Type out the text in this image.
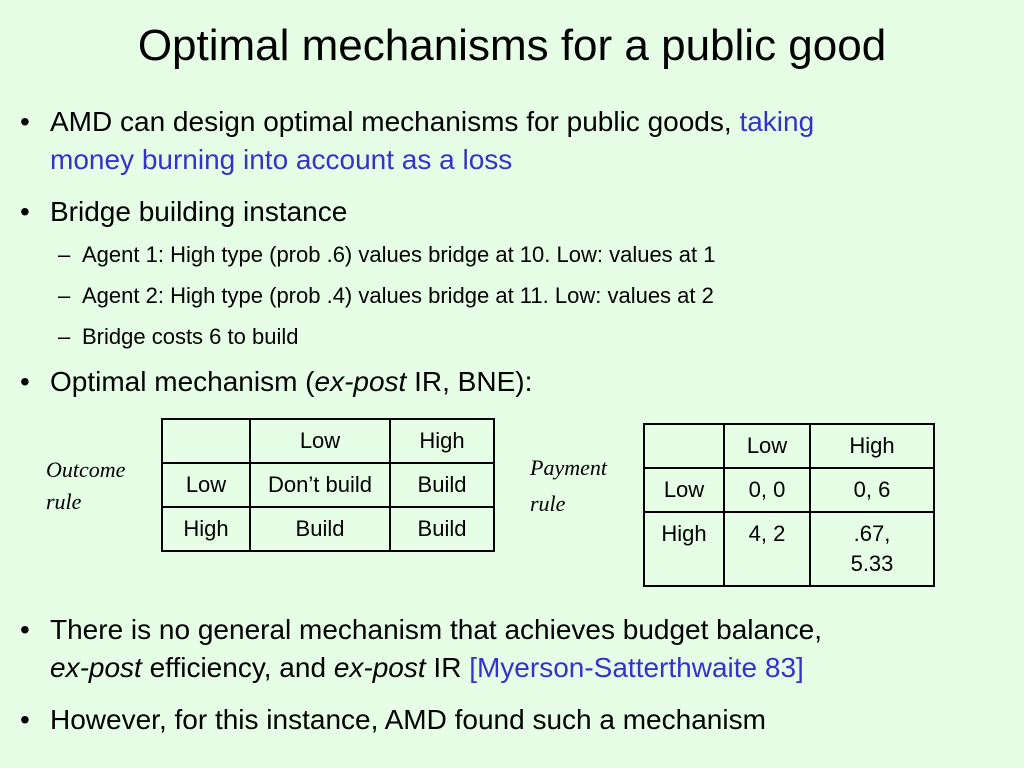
Optimal mechanisms for a public good
• AMD can design optimal mechanisms for public goods, taking
money burning into account as a loss
• Bridge building instance
– Agent 1: High type (prob .6) values bridge at 10. Low: values at 1
– Agent 2: High type (prob .4) values bridge at 11. Low: values at 2
– Bridge costs 6 to build
• Optimal mechanism (ex-post IR, BNE):
Outcome
rule
	Low	High
Low	Don’t build	Build
High	Build	Build
Payment
rule
	Low	High
Low	0, 0	0, 6
High	4, 2	.67, 5.33
• There is no general mechanism that achieves budget balance,
ex-post efficiency, and ex-post IR [Myerson-Satterthwaite 83]
• However, for this instance, AMD found such a mechanism
